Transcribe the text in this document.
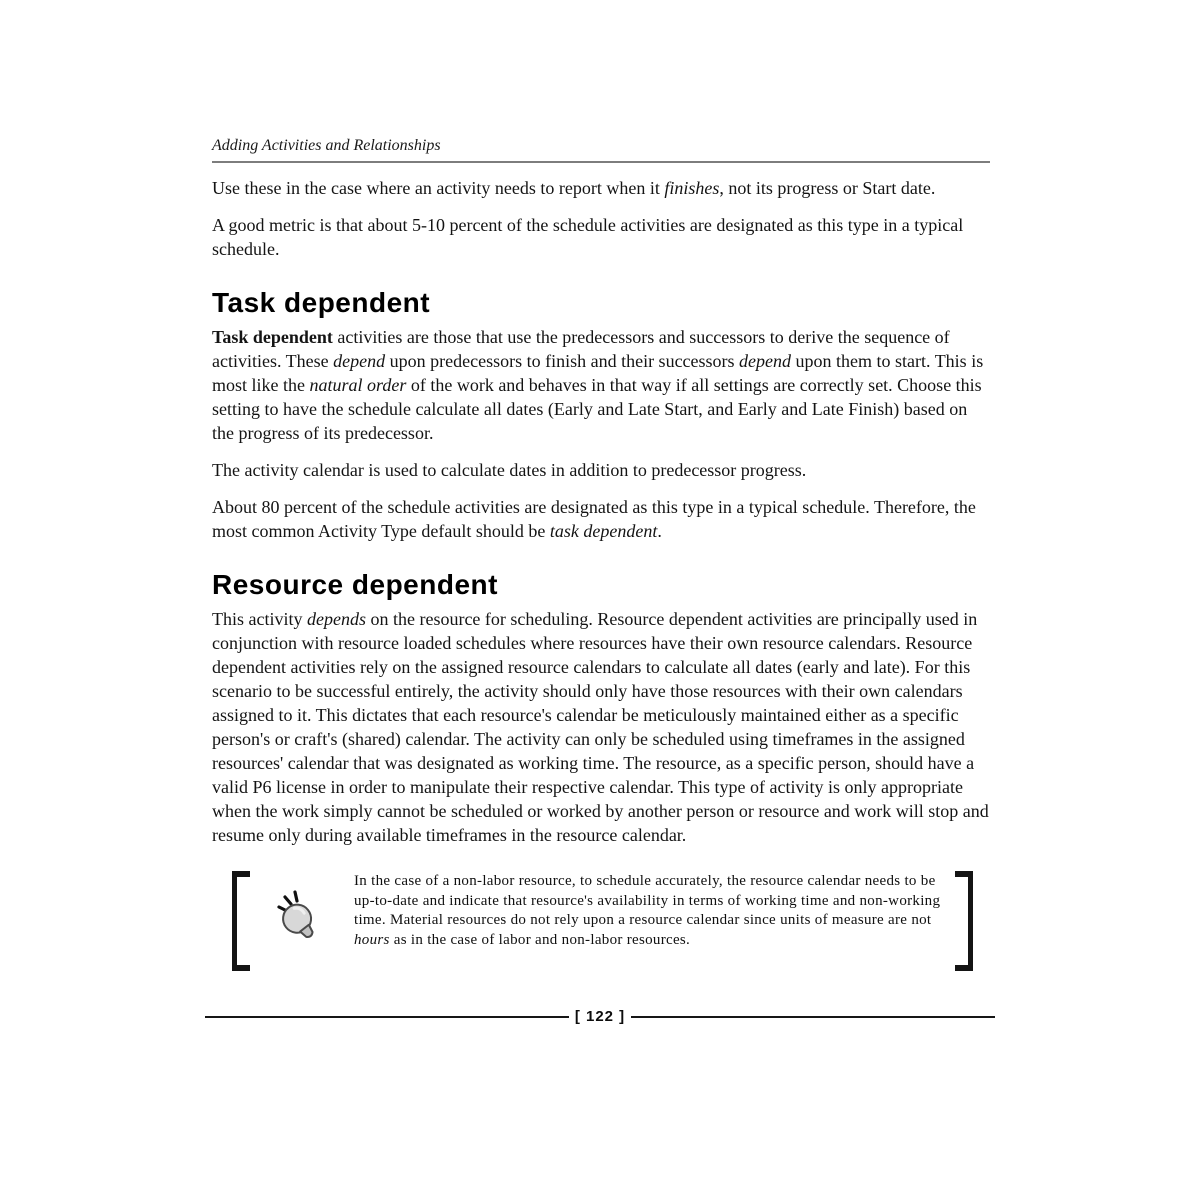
Adding Activities and Relationships

Use these in the case where an activity needs to report when it finishes, not its progress or Start date.

A good metric is that about 5-10 percent of the schedule activities are designated as this type in a typical schedule.

Task dependent

Task dependent activities are those that use the predecessors and successors to derive the sequence of activities. These depend upon predecessors to finish and their successors depend upon them to start. This is most like the natural order of the work and behaves in that way if all settings are correctly set. Choose this setting to have the schedule calculate all dates (Early and Late Start, and Early and Late Finish) based on the progress of its predecessor.

The activity calendar is used to calculate dates in addition to predecessor progress.

About 80 percent of the schedule activities are designated as this type in a typical schedule. Therefore, the most common Activity Type default should be task dependent.

Resource dependent

This activity depends on the resource for scheduling. Resource dependent activities are principally used in conjunction with resource loaded schedules where resources have their own resource calendars. Resource dependent activities rely on the assigned resource calendars to calculate all dates (early and late). For this scenario to be successful entirely, the activity should only have those resources with their own calendars assigned to it. This dictates that each resource's calendar be meticulously maintained either as a specific person's or craft's (shared) calendar. The activity can only be scheduled using timeframes in the assigned resources' calendar that was designated as working time. The resource, as a specific person, should have a valid P6 license in order to manipulate their respective calendar. This type of activity is only appropriate when the work simply cannot be scheduled or worked by another person or resource and work will stop and resume only during available timeframes in the resource calendar.

In the case of a non-labor resource, to schedule accurately, the resource calendar needs to be up-to-date and indicate that resource's availability in terms of working time and non-working time. Material resources do not rely upon a resource calendar since units of measure are not hours as in the case of labor and non-labor resources.
[ 122 ]
